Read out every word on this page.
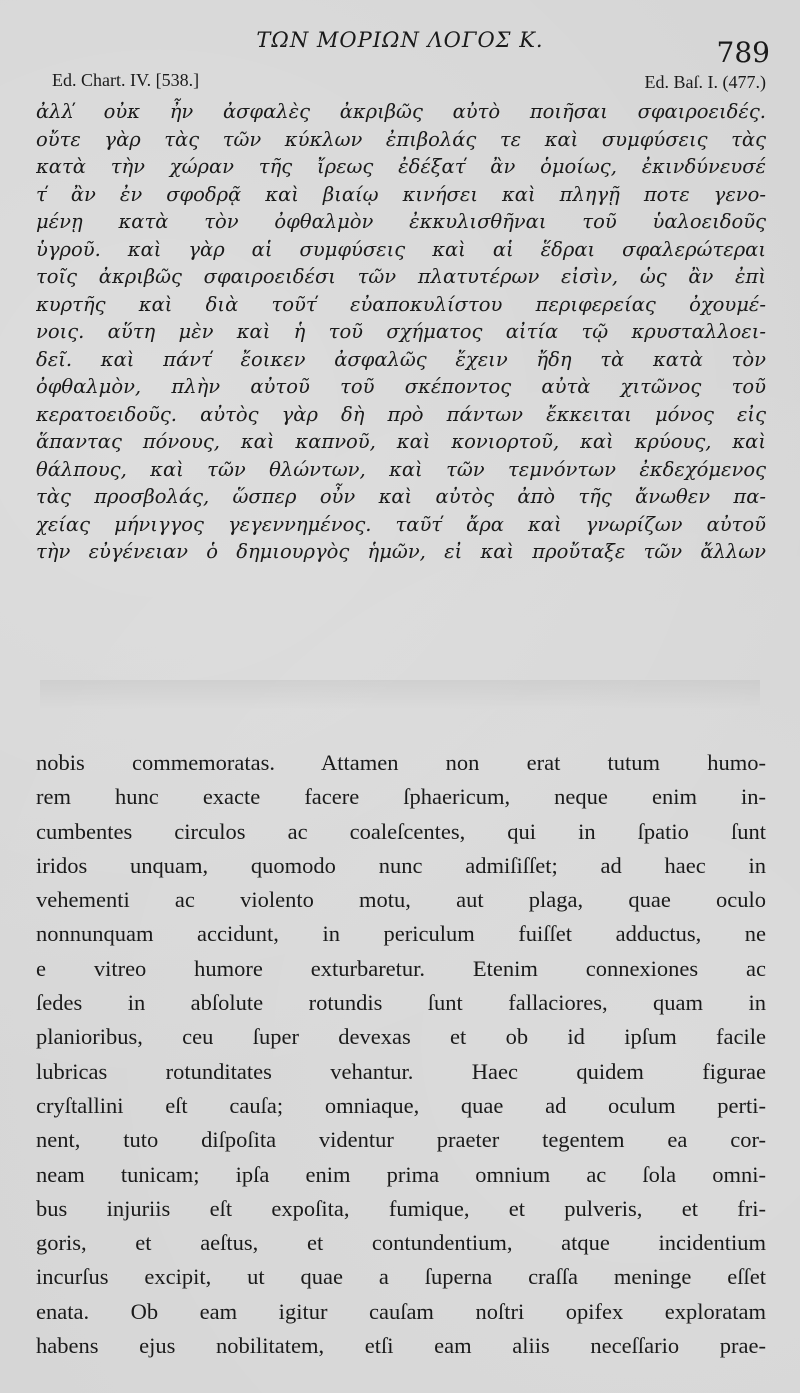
ΤΩΝ ΜΟΡΙΩΝ ΛΟΓΟΣ Κ.	789
Ed. Chart. IV. [538.]	Ed. Baſ. I. (477.)
ἀλλ̕ οὐκ ἦν ἀσφαλὲς ἀκριβῶς αὐτὸ ποιῆσαι σφαιροειδές.
οὔτε γὰρ τὰς τῶν κύκλων ἐπιβολάς τε καὶ συμφύσεις τὰς
κατὰ τὴν χώραν τῆς ἴρεως ἐδέξατ̕ ἂν ὁμοίως, ἐκινδύνευσέ
τ̕ ἂν ἐν σφοδρᾷ καὶ βιαίῳ κινήσει καὶ πληγῇ ποτε γενο-
μένῃ κατὰ τὸν ὀφθαλμὸν ἐκκυλισθῆναι τοῦ ὑαλοειδοῦς
ὑγροῦ. καὶ γὰρ αἱ συμφύσεις καὶ αἱ ἕδραι σφαλερώτεραι
τοῖς ἀκριβῶς σφαιροειδέσι τῶν πλατυτέρων εἰσὶν, ὡς ἂν ἐπὶ
κυρτῆς καὶ διὰ τοῦτ̕ εὐαποκυλίστου περιφερείας ὀχουμέ-
νοις. αὕτη μὲν καὶ ἡ τοῦ σχήματος αἰτία τῷ κρυσταλλοει-
δεῖ. καὶ πάντ̕ ἔοικεν ἀσφαλῶς ἔχειν ἤδη τὰ κατὰ τὸν
ὀφθαλμὸν, πλὴν αὐτοῦ τοῦ σκέποντος αὐτὰ χιτῶνος τοῦ
κερατοειδοῦς. αὐτὸς γὰρ δὴ πρὸ πάντων ἔκκειται μόνος εἰς
ἅπαντας πόνους, καὶ καπνοῦ, καὶ κονιορτοῦ, καὶ κρύους, καὶ
θάλπους, καὶ τῶν θλώντων, καὶ τῶν τεμνόντων ἐκδεχόμενος
τὰς προσβολάς, ὥσπερ οὖν καὶ αὐτὸς ἀπὸ τῆς ἄνωθεν πα-
χείας μήνιγγος γεγεννημένος. ταῦτ̕ ἄρα καὶ γνωρίζων αὐτοῦ
τὴν εὐγένειαν ὁ δημιουργὸς ἡμῶν, εἰ καὶ προὔταξε τῶν ἄλλων
nobis commemoratas. Attamen non erat tutum humo-
rem hunc exacte facere ſphaericum, neque enim in-
cumbentes circulos ac coaleſcentes, qui in ſpatio ſunt
iridos unquam, quomodo nunc admiſiſſet; ad haec in
vehementi ac violento motu, aut plaga, quae oculo
nonnunquam accidunt, in periculum fuiſſet adductus, ne
e vitreo humore exturbaretur. Etenim connexiones ac
ſedes in abſolute rotundis ſunt fallaciores, quam in
planioribus, ceu ſuper devexas et ob id ipſum facile
lubricas rotunditates vehantur. Haec quidem figurae
cryſtallini eſt cauſa; omniaque, quae ad oculum perti-
nent, tuto diſpoſita videntur praeter tegentem ea cor-
neam tunicam; ipſa enim prima omnium ac ſola omni-
bus injuriis eſt expoſita, fumique, et pulveris, et fri-
goris, et aeſtus, et contundentium, atque incidentium
incurſus excipit, ut quae a ſuperna craſſa meninge eſſet
enata. Ob eam igitur cauſam noſtri opifex exploratam
habens ejus nobilitatem, etſi eam aliis neceſſario prae-
